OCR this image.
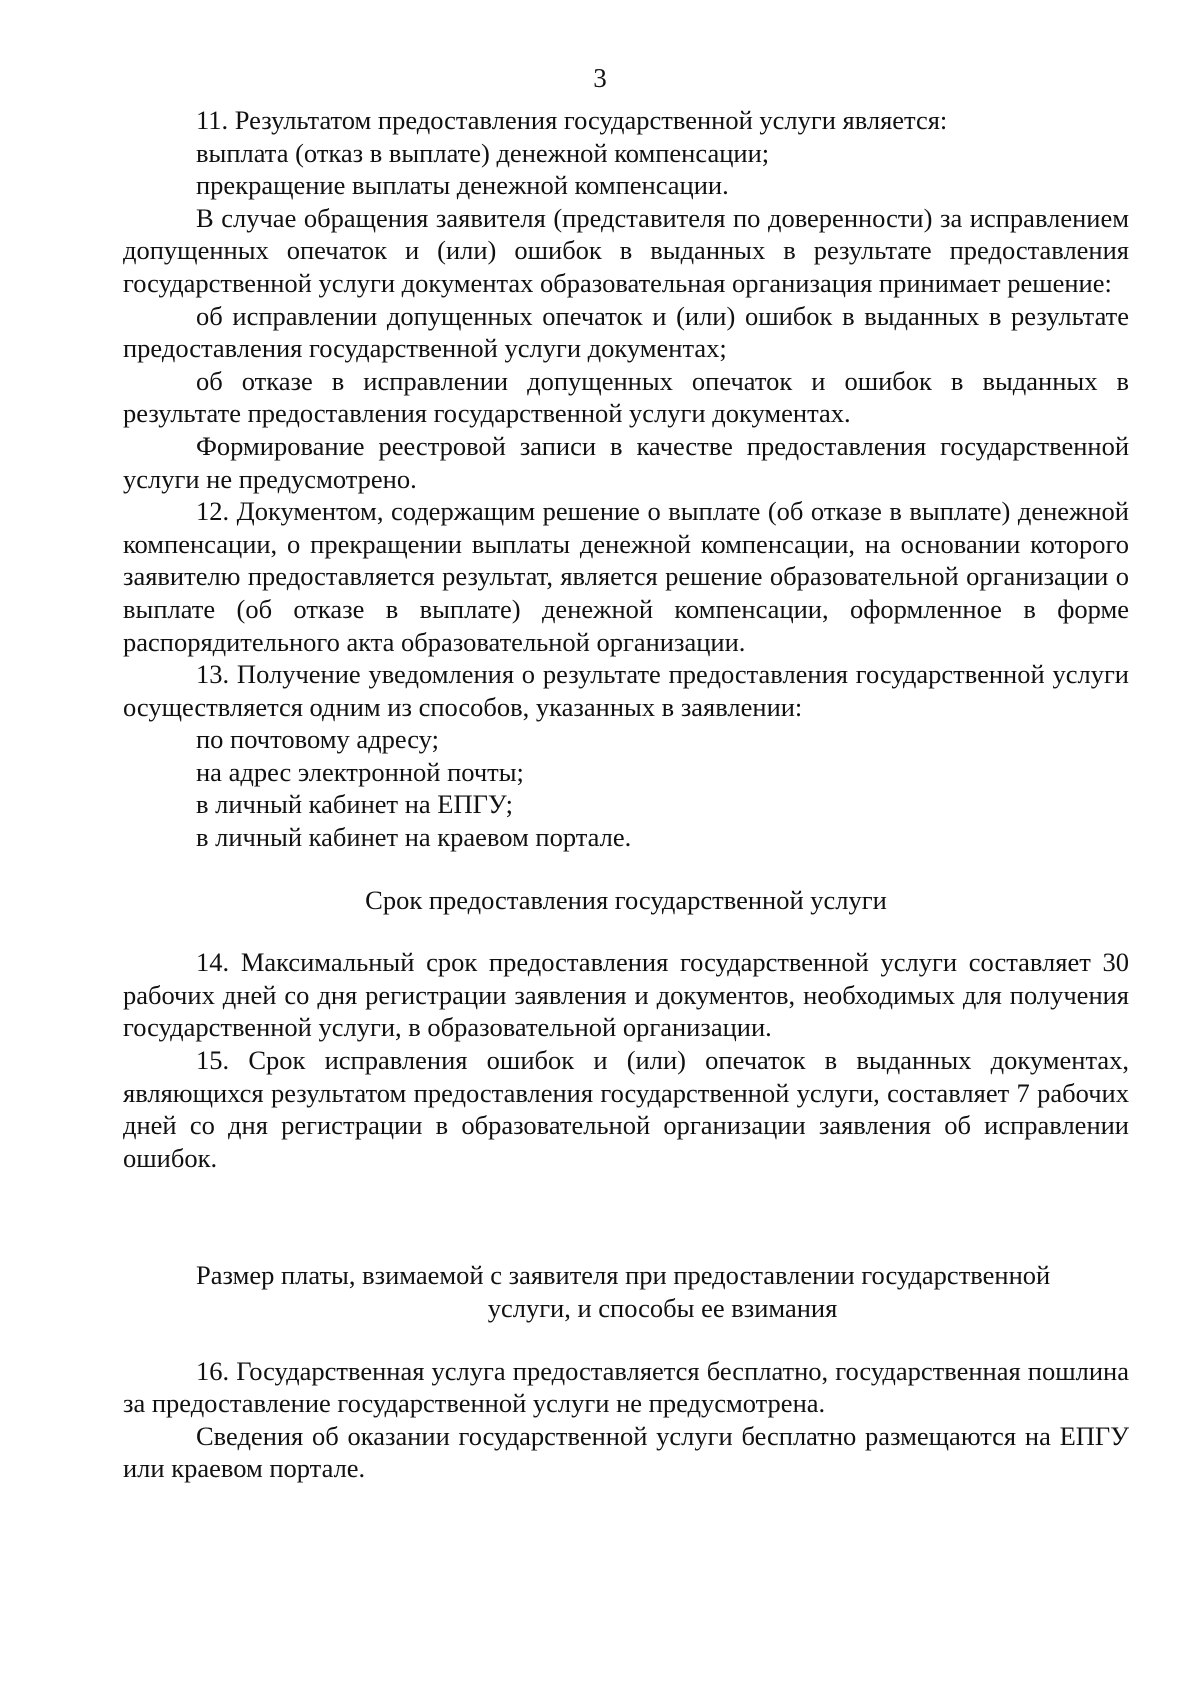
3

11. Результатом предоставления государственной услуги является:

выплата (отказ в выплате) денежной компенсации;

прекращение выплаты денежной компенсации.

В случае обращения заявителя (представителя по доверенности) за исправлением допущенных опечаток и (или) ошибок в выданных в результате предоставления государственной услуги документах образовательная организация принимает решение:

об исправлении допущенных опечаток и (или) ошибок в выданных в результате предоставления государственной услуги документах;

об отказе в исправлении допущенных опечаток и ошибок в выданных в результате предоставления государственной услуги документах.

Формирование реестровой записи в качестве предоставления государственной услуги не предусмотрено.

12. Документом, содержащим решение о выплате (об отказе в выплате) денежной компенсации, о прекращении выплаты денежной компенсации, на основании которого заявителю предоставляется результат, является решение образовательной организации о выплате (об отказе в выплате) денежной компенсации, оформленное в форме распорядительного акта образовательной организации.

13. Получение уведомления о результате предоставления государственной услуги осуществляется одним из способов, указанных в заявлении:

по почтовому адресу;

на адрес электронной почты;

в личный кабинет на ЕПГУ;

в личный кабинет на краевом портале.

Срок предоставления государственной услуги

14. Максимальный срок предоставления государственной услуги составляет 30 рабочих дней со дня регистрации заявления и документов, необходимых для получения государственной услуги, в образовательной организации.

15. Срок исправления ошибок и (или) опечаток в выданных документах, являющихся результатом предоставления государственной услуги, составляет 7 рабочих дней со дня регистрации в образовательной организации заявления об исправлении ошибок.

Размер платы, взимаемой с заявителя при предоставлении государственной
услуги, и способы ее взимания

16. Государственная услуга предоставляется бесплатно, государственная пошлина за предоставление государственной услуги не предусмотрена.

Сведения об оказании государственной услуги бесплатно размещаются на ЕПГУ или краевом портале.
